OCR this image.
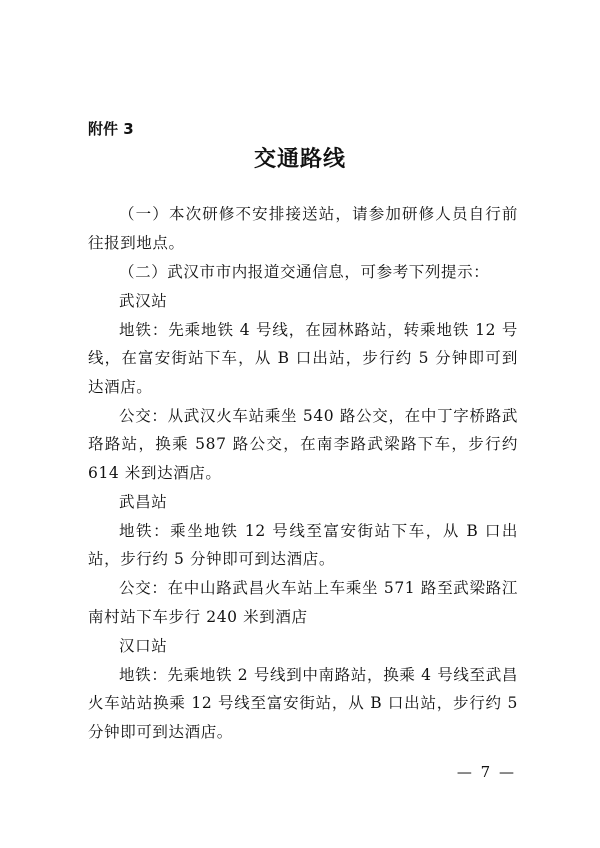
附件 3
交通路线

（一）本次研修不安排接送站，请参加研修人员自行前往报到地点。

（二）武汉市市内报道交通信息，可参考下列提示：

武汉站

地铁：先乘地铁 4 号线，在园林路站，转乘地铁 12 号线，在富安街站下车，从 B 口出站，步行约 5 分钟即可到达酒店。

公交：从武汉火车站乘坐 540 路公交，在中丁字桥路武珞路站，换乘 587 路公交，在南李路武梁路下车，步行约 614 米到达酒店。

武昌站

地铁：乘坐地铁 12 号线至富安街站下车，从 B 口出站，步行约 5 分钟即可到达酒店。

公交：在中山路武昌火车站上车乘坐 571 路至武梁路江南村站下车步行 240 米到酒店

汉口站

地铁：先乘地铁 2 号线到中南路站，换乘 4 号线至武昌火车站站换乘 12 号线至富安街站，从 B 口出站，步行约 5 分钟即可到达酒店。

— 7 —
